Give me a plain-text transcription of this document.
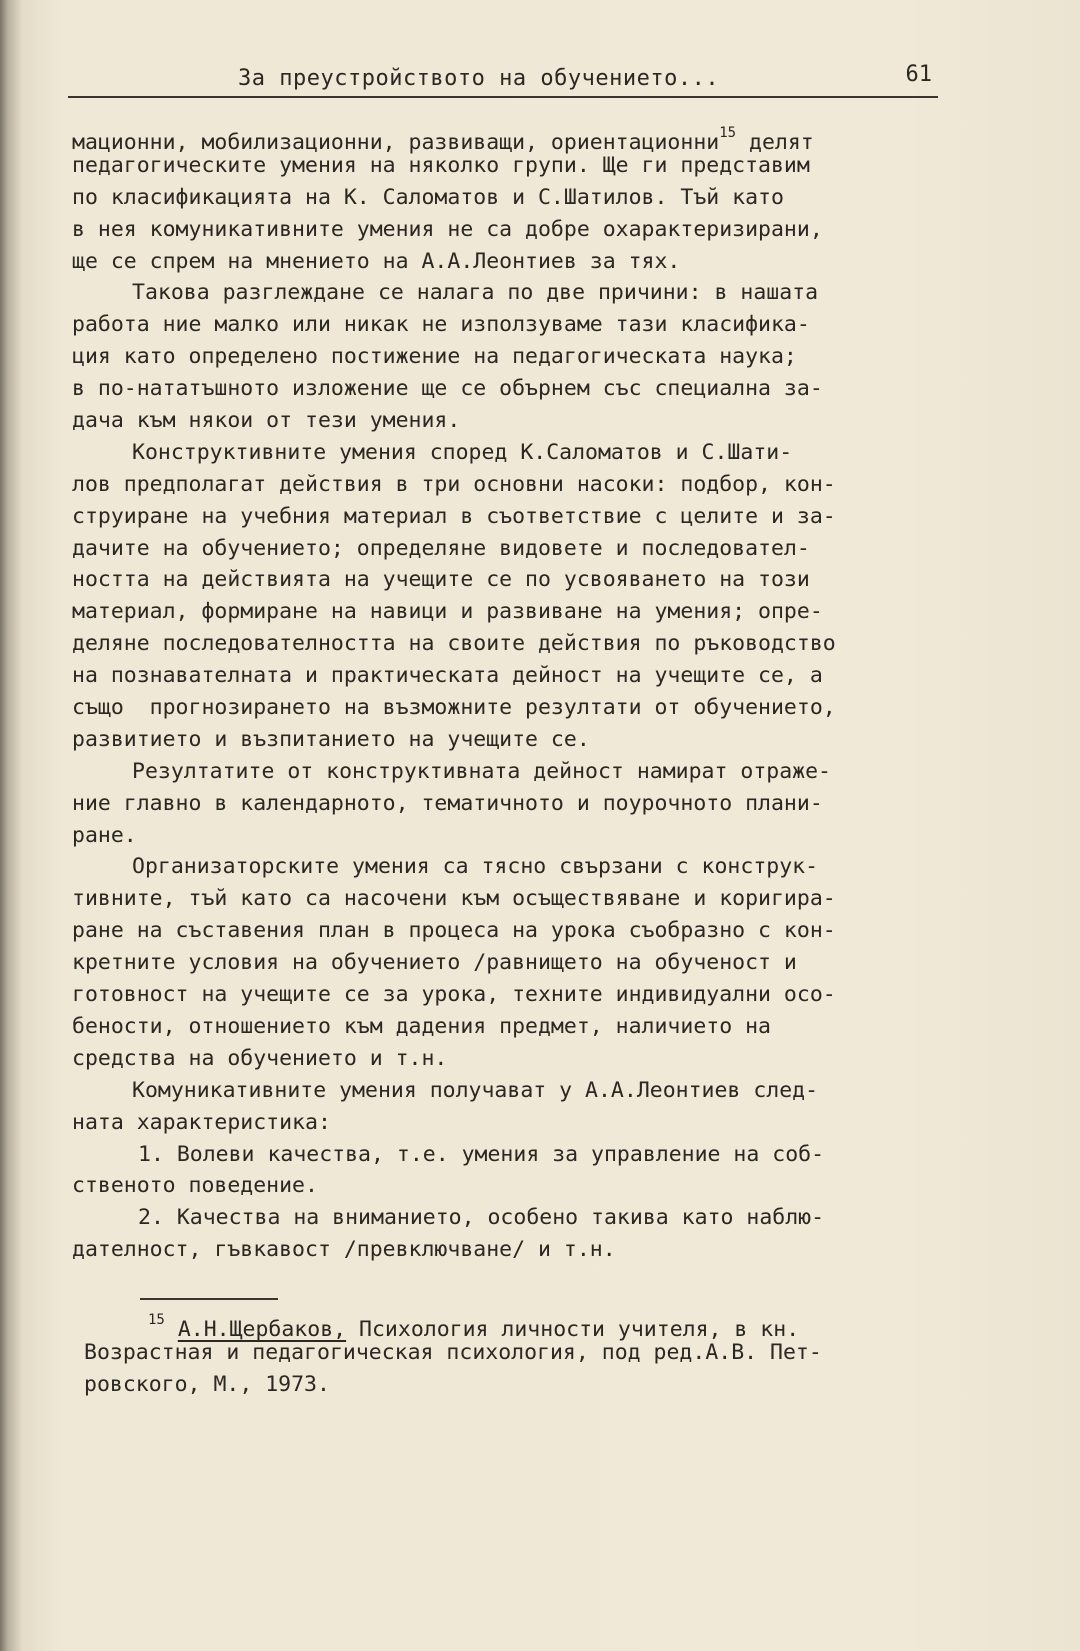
За преустройството на обучението...	61
мационни, мобилизационни, развиващи, ориентационни$^{15}$ делят
педагогическите умения на няколко групи. Ще ги представим
по класификацията на К. Саломатов и С.Шатилов. Тъй като
в нея комуникативните умения не са добре охарактеризирани,
ще се спрем на мнението на А.А.Леонтиев за тях.
Такова разглеждане се налага по две причини: в нашата
работа ние малко или никак не използуваме тази класифика-
ция като определено постижение на педагогическата наука;
в по-нататъшното изложение ще се обърнем със специална за-
дача към някои от тези умения.
Конструктивните умения според К.Саломатов и С.Шати-
лов предполагат действия в три основни насоки: подбор, кон-
струиране на учебния материал в съответствие с целите и за-
дачите на обучението; определяне видовете и последовател-
ността на действията на учещите се по усвояването на този
материал, формиране на навици и развиване на умения; опре-
деляне последователността на своите действия по ръководство
на познавателната и практическата дейност на учещите се, а
също  прогнозирането на възможните резултати от обучението,
развитието и възпитанието на учещите се.
Резултатите от конструктивната дейност намират отраже-
ние главно в календарното, тематичното и поурочното плани-
ране.
Организаторските умения са тясно свързани с конструк-
тивните, тъй като са насочени към осъществяване и коригира-
ране на съставения план в процеса на урока съобразно с кон-
кретните условия на обучението /равнището на обученост и
готовност на учещите се за урока, техните индивидуални осо-
бености, отношението към дадения предмет, наличието на
средства на обучението и т.н.
Комуникативните умения получават у А.А.Леонтиев след-
ната характеристика:
1. Волеви качества, т.е. умения за управление на соб-
ственото поведение.
2. Качества на вниманието, особено такива като наблю-
дателност, гъвкавост /превключване/ и т.н.
$^{15}$ А.Н.Щербаков, Психология личности учителя, в кн.
Возрастная и педагогическая психология, под ред.А.В. Пет-
ровского, М., 1973.
